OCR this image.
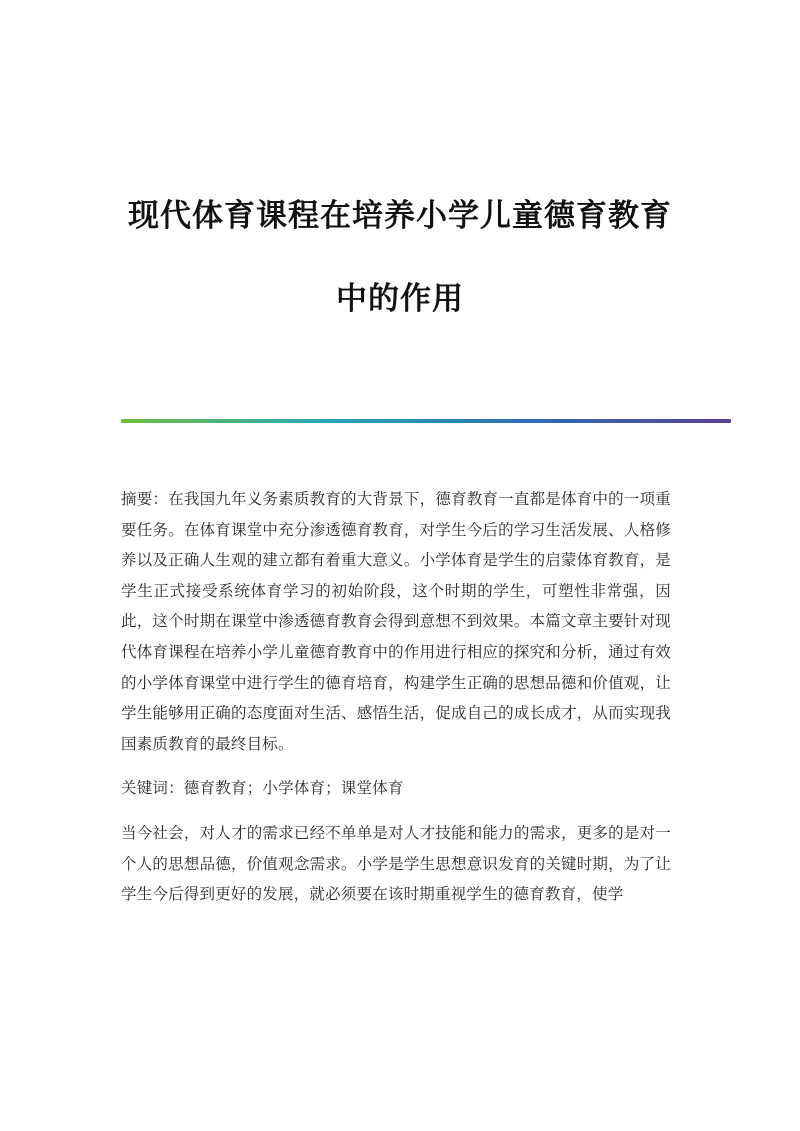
现代体育课程在培养小学儿童德育教育
中的作用

摘要：在我国九年义务素质教育的大背景下，德育教育一直都是体育中的一项重要任务。在体育课堂中充分渗透德育教育，对学生今后的学习生活发展、人格修养以及正确人生观的建立都有着重大意义。小学体育是学生的启蒙体育教育，是学生正式接受系统体育学习的初始阶段，这个时期的学生，可塑性非常强，因此，这个时期在课堂中渗透德育教育会得到意想不到效果。本篇文章主要针对现代体育课程在培养小学儿童德育教育中的作用进行相应的探究和分析，通过有效的小学体育课堂中进行学生的德育培育，构建学生正确的思想品德和价值观，让学生能够用正确的态度面对生活、感悟生活，促成自己的成长成才，从而实现我国素质教育的最终目标。

关键词：德育教育；小学体育；课堂体育

当今社会，对人才的需求已经不单单是对人才技能和能力的需求，更多的是对一个人的思想品德，价值观念需求。小学是学生思想意识发育的关键时期，为了让学生今后得到更好的发展，就必须要在该时期重视学生的德育教育，使学
